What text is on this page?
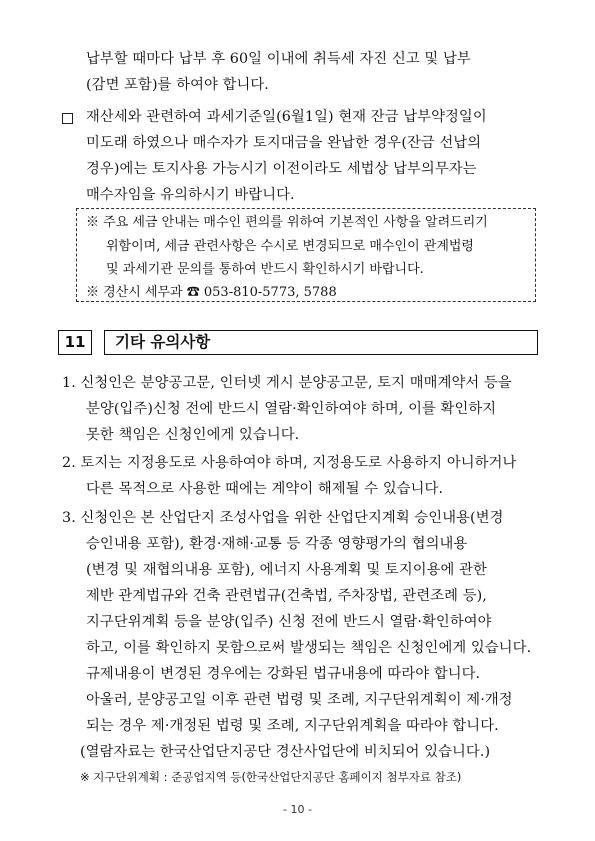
납부할 때마다 납부 후 60일 이내에 취득세 자진 신고 및 납부
(감면 포함)를 하여야 합니다.
재산세와 관련하여 과세기준일(6월1일) 현재 잔금 납부약정일이
미도래 하였으나 매수자가 토지대금을 완납한 경우(잔금 선납의
경우)에는 토지사용 가능시기 이전이라도 세법상 납부의무자는
매수자임을 유의하시기 바랍니다.
※ 주요 세금 안내는 매수인 편의를 위하여 기본적인 사항을 알려드리기
위함이며, 세금 관련사항은 수시로 변경되므로 매수인이 관계법령
및 과세기관 문의를 통하여 반드시 확인하시기 바랍니다.
※ 경산시 세무과 ☎ 053-810-5773, 5788
11	기타 유의사항
1. 신청인은 분양공고문, 인터넷 게시 분양공고문, 토지 매매계약서 등을
분양(입주)신청 전에 반드시 열람·확인하여야 하며, 이를 확인하지
못한 책임은 신청인에게 있습니다.
2. 토지는 지정용도로 사용하여야 하며, 지정용도로 사용하지 아니하거나
다른 목적으로 사용한 때에는 계약이 해제될 수 있습니다.
3. 신청인은 본 산업단지 조성사업을 위한 산업단지계획 승인내용(변경
승인내용 포함), 환경·재해·교통 등 각종 영향평가의 협의내용
(변경 및 재협의내용 포함), 에너지 사용계획 및 토지이용에 관한
제반 관계법규와 건축 관련법규(건축법, 주차장법, 관련조례 등),
지구단위계획 등을 분양(입주) 신청 전에 반드시 열람·확인하여야
하고, 이를 확인하지 못함으로써 발생되는 책임은 신청인에게 있습니다.
규제내용이 변경된 경우에는 강화된 법규내용에 따라야 합니다.
아울러, 분양공고일 이후 관련 법령 및 조례, 지구단위계획이 제·개정
되는 경우 제·개정된 법령 및 조례, 지구단위계획을 따라야 합니다.
(열람자료는 한국산업단지공단 경산사업단에 비치되어 있습니다.)
※ 지구단위계획 : 준공업지역 등(한국산업단지공단 홈페이지 첨부자료 참조)
- 10 -
